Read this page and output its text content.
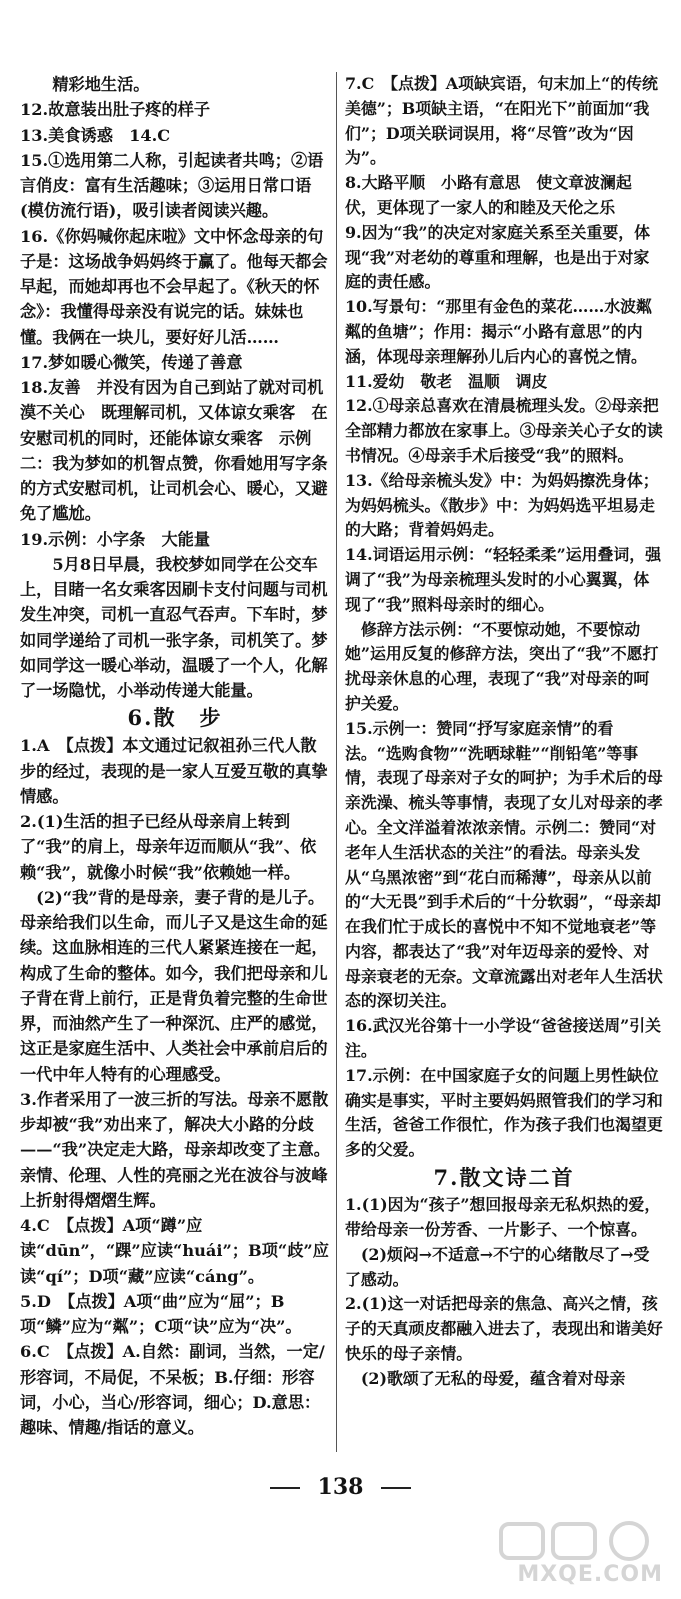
　　精彩地生活。

12.故意装出肚子疼的样子

13.美食诱惑　14.C

15.①选用第二人称，引起读者共鸣；②语言俏皮：富有生活趣味；③运用日常口语(模仿流行语)，吸引读者阅读兴趣。

16.《你妈喊你起床啦》文中怀念母亲的句子是：这场战争妈妈终于赢了。他每天都会早起，而她却再也不会早起了。《秋天的怀念》：我懂得母亲没有说完的话。妹妹也懂。我俩在一块儿，要好好儿活……

17.梦如暖心微笑，传递了善意

18.友善　并没有因为自己到站了就对司机漠不关心　既理解司机，又体谅女乘客　在安慰司机的同时，还能体谅女乘客　示例二：我为梦如的机智点赞，你看她用写字条的方式安慰司机，让司机会心、暖心，又避免了尴尬。

19.示例：小字条　大能量

　　5月8日早晨，我校梦如同学在公交车上，目睹一名女乘客因刷卡支付问题与司机发生冲突，司机一直忍气吞声。下车时，梦如同学递给了司机一张字条，司机笑了。梦如同学这一暖心举动，温暖了一个人，化解了一场隐忧，小举动传递大能量。

6.散　步

1.A　【点拨】本文通过记叙祖孙三代人散步的经过，表现的是一家人互爱互敬的真挚情感。

2.(1)生活的担子已经从母亲肩上转到了“我”的肩上，母亲年迈而顺从“我”、依赖“我”，就像小时候“我”依赖她一样。

　(2)“我”背的是母亲，妻子背的是儿子。母亲给我们以生命，而儿子又是这生命的延续。这血脉相连的三代人紧紧连接在一起，构成了生命的整体。如今，我们把母亲和儿子背在背上前行，正是背负着完整的生命世界，而油然产生了一种深沉、庄严的感觉，这正是家庭生活中、人类社会中承前启后的一代中年人特有的心理感受。

3.作者采用了一波三折的写法。母亲不愿散步却被“我”劝出来了，解决大小路的分歧——“我”决定走大路，母亲却改变了主意。亲情、伦理、人性的亮丽之光在波谷与波峰上折射得熠熠生辉。

4.C　【点拨】A项“蹲”应读“dūn”，“踝”应读“huái”；B项“歧”应读“qí”；D项“藏”应读“cáng”。

5.D　【点拨】A项“曲”应为“屈”；B项“鳞”应为“粼”；C项“诀”应为“决”。

6.C　【点拨】A.自然：副词，当然，一定/形容词，不局促，不呆板；B.仔细：形容词，小心，当心/形容词，细心；D.意思：趣味、情趣/指话的意义。

7.C　【点拨】A项缺宾语，句末加上“的传统美德”；B项缺主语，“在阳光下”前面加“我们”；D项关联词误用，将“尽管”改为“因为”。

8.大路平顺　小路有意思　使文章波澜起伏，更体现了一家人的和睦及天伦之乐

9.因为“我”的决定对家庭关系至关重要，体现“我”对老幼的尊重和理解，也是出于对家庭的责任感。

10.写景句：“那里有金色的菜花……水波粼粼的鱼塘”；作用：揭示“小路有意思”的内涵，体现母亲理解孙儿后内心的喜悦之情。

11.爱幼　敬老　温顺　调皮

12.①母亲总喜欢在清晨梳理头发。②母亲把全部精力都放在家事上。③母亲关心子女的读书情况。④母亲手术后接受“我”的照料。

13.《给母亲梳头发》中：为妈妈擦洗身体；为妈妈梳头。《散步》中：为妈妈选平坦易走的大路；背着妈妈走。

14.词语运用示例：“轻轻柔柔”运用叠词，强调了“我”为母亲梳理头发时的小心翼翼，体现了“我”照料母亲时的细心。

　修辞方法示例：“不要惊动她，不要惊动她”运用反复的修辞方法，突出了“我”不愿打扰母亲休息的心理，表现了“我”对母亲的呵护关爱。

15.示例一：赞同“抒写家庭亲情”的看法。“选购食物”“洗晒球鞋”“削铅笔”等事情，表现了母亲对子女的呵护；为手术后的母亲洗澡、梳头等事情，表现了女儿对母亲的孝心。全文洋溢着浓浓亲情。示例二：赞同“对老年人生活状态的关注”的看法。母亲头发从“乌黑浓密”到“花白而稀薄”，母亲从以前的“大无畏”到手术后的“十分软弱”，“母亲却在我们忙于成长的喜悦中不知不觉地衰老”等内容，都表达了“我”对年迈母亲的爱怜、对母亲衰老的无奈。文章流露出对老年人生活状态的深切关注。

16.武汉光谷第十一小学设“爸爸接送周”引关注。

17.示例：在中国家庭子女的问题上男性缺位确实是事实，平时主要妈妈照管我们的学习和生活，爸爸工作很忙，作为孩子我们也渴望更多的父爱。

7.散文诗二首

1.(1)因为“孩子”想回报母亲无私炽热的爱，带给母亲一份芳香、一片影子、一个惊喜。

　(2)烦闷→不适意→不宁的心绪散尽了→受了感动。

2.(1)这一对话把母亲的焦急、高兴之情，孩子的天真顽皮都融入进去了，表现出和谐美好快乐的母子亲情。

　(2)歌颂了无私的母爱，蕴含着对母亲

138
MXQE.COM
